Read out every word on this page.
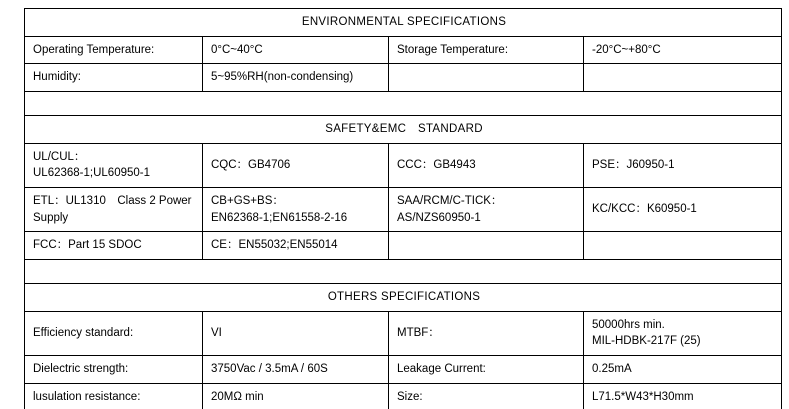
ENVIRONMENTAL SPECIFICATIONS			

Operating Temperature:	0°C~40°C	Storage Temperature:	-20°C~+80°C

Humidity:	5~95%RH(non-condensing)		

SAFETY&EMC STANDARD			

UL/CUL：
UL62368-1;UL60950-1	CQC：GB4706	CCC：GB4943	PSE：J60950-1

ETL：UL1310 Class 2 Power
Supply	CB+GS+BS：
EN62368-1;EN61558-2-16	SAA/RCM/C-TICK：
AS/NZS60950-1	KC/KCC：K60950-1

FCC：Part 15 SDOC	CE：EN55032;EN55014		

OTHERS SPECIFICATIONS			

Efficiency standard:	VI	MTBF：	50000hrs min.
MIL-HDBK-217F (25)

Dielectric strength:	3750Vac / 3.5mA / 60S	Leakage Current:	0.25mA

lusulation resistance:	20MΩ min	Size:	L71.5*W43*H30mm
